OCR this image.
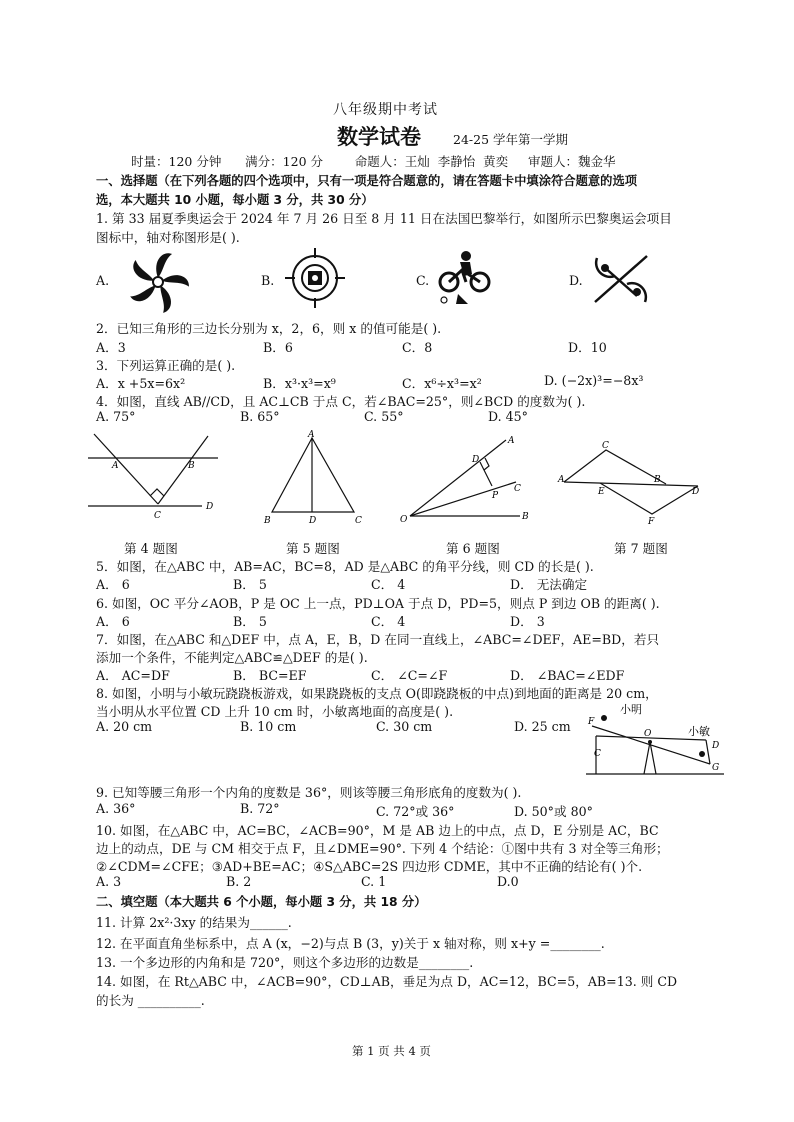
八年级期中考试
数学试卷	24-25 学年第一学期
时量：120 分钟      满分：120 分        命题人：王灿  李静怡  黄奕     审题人：魏金华
一、选择题（在下列各题的四个选项中，只有一项是符合题意的，请在答题卡中填涂符合题意的选项
选，本大题共 10 小题，每小题 3 分，共 30 分）
1. 第 33 届夏季奥运会于 2024 年 7 月 26 日至 8 月 11 日在法国巴黎举行，如图所示巴黎奥运会项目
图标中，轴对称图形是( ).
A.	B.	C.	D.
2．已知三角形的三边长分别为 x，2，6，则 x 的值可能是( ).
A．3	B．6	C．8	D．10
3．下列运算正确的是( ).
A．x +5x=6x²	B．x³·x³=x⁹	C．x⁶÷x³=x²	D. (−2x)³=−8x³
4．如图，直线 AB//CD，且 AC⊥CB 于点 C，若∠BAC=25°，则∠BCD 的度数为( ).
A. 75°	B. 65°	C. 55°	D. 45°
A	B
C
D
A
B	D	C
A
D
C
P
O	B
A
C
E
B
D
F
第 4 题图	第 5 题图	第 6 题图	第 7 题图
5．如图，在△ABC 中，AB=AC，BC=8，AD 是△ABC 的角平分线，则 CD 的长是( ).
A． 6	B． 5	C． 4	D． 无法确定
6. 如图，OC 平分∠AOB，P 是 OC 上一点，PD⊥OA 于点 D，PD=5，则点 P 到边 OB 的距离( ).
A． 6	B． 5	C． 4	D． 3
7．如图，在△ABC 和△DEF 中，点 A，E，B，D 在同一直线上，∠ABC=∠DEF，AE=BD，若只
添加一个条件，不能判定△ABC≌△DEF 的是( ).
A． AC=DF	B． BC=EF	C． ∠C=∠F	D． ∠BAC=∠EDF
8. 如图，小明与小敏玩跷跷板游戏，如果跷跷板的支点 O(即跷跷板的中点)到地面的距离是 20 cm，
当小明从水平位置 CD 上升 10 cm 时，小敏离地面的高度是( ).
A. 20 cm	B. 10 cm	C. 30 cm	D. 25 cm
小明
小敏
F
C
O
D
G
9. 已知等腰三角形一个内角的度数是 36°，则该等腰三角形底角的度数为( ).
A. 36°	B. 72°	C. 72°或 36°	D. 50°或 80°
10. 如图，在△ABC 中，AC=BC，∠ACB=90°，M 是 AB 边上的中点，点 D，E 分别是 AC，BC
边上的动点，DE 与 CM 相交于点 F，且∠DME=90°. 下列 4 个结论：①图中共有 3 对全等三角形；
②∠CDM=∠CFE；③AD+BE=AC；④S△ABC=2S 四边形 CDME，其中不正确的结论有( )个.
A. 3	B. 2	C. 1	D.0
二、填空题（本大题共 6 个小题，每小题 3 分，共 18 分）
11. 计算 2x²·3xy 的结果为______.
12. 在平面直角坐标系中，点 A (x，−2)与点 B (3，y)关于 x 轴对称，则 x+y =________.
13. 一个多边形的内角和是 720°，则这个多边形的边数是________.
14. 如图，在 Rt△ABC 中，∠ACB=90°，CD⊥AB，垂足为点 D，AC=12，BC=5，AB=13. 则 CD
的长为 __________.
第 1 页 共 4 页
